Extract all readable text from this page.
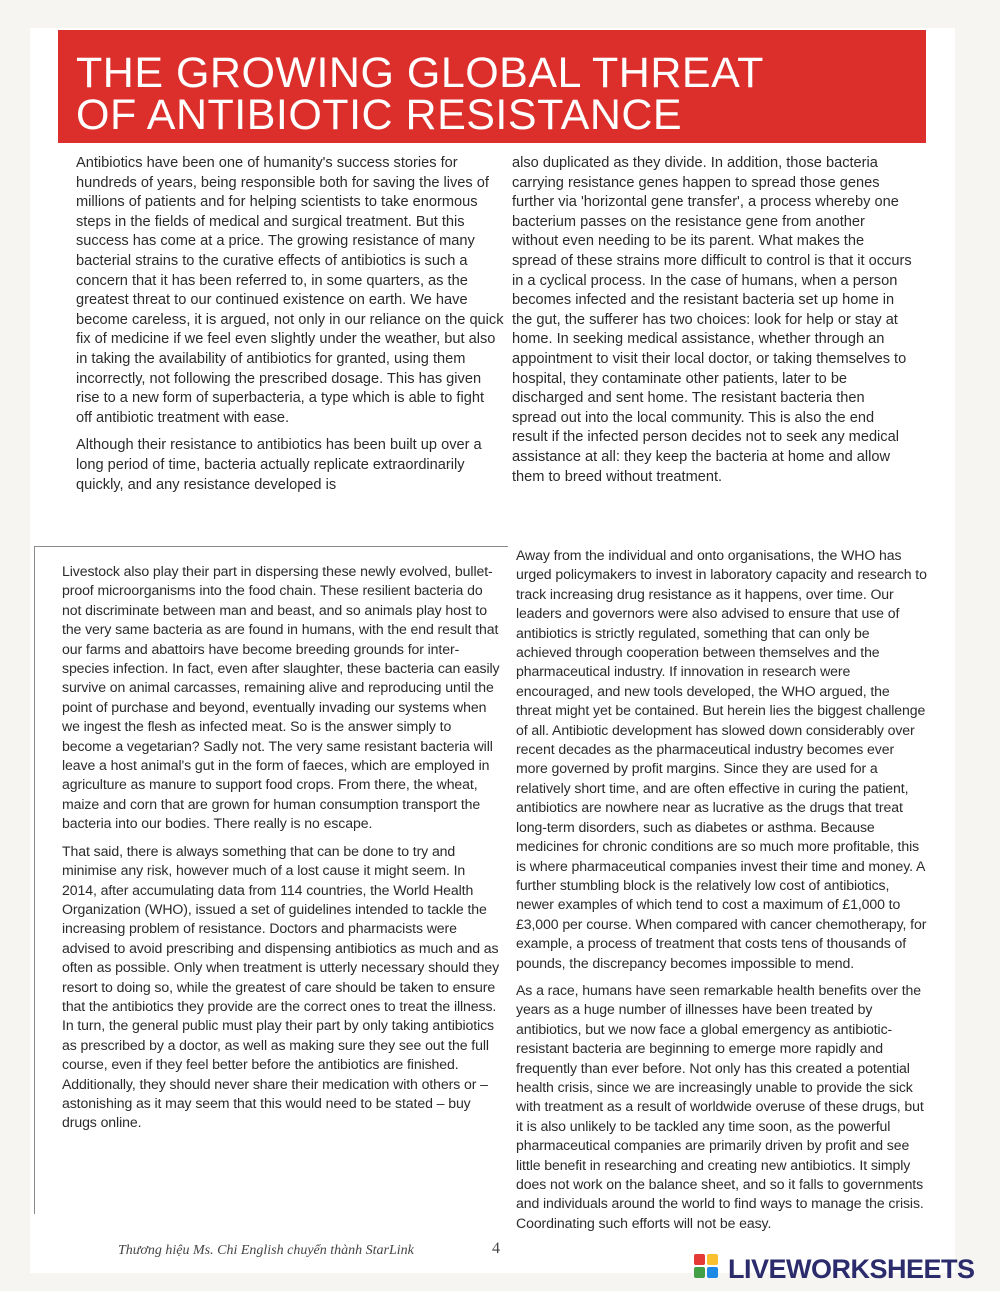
THE GROWING GLOBAL THREAT
OF ANTIBIOTIC RESISTANCE

Antibiotics have been one of humanity's success stories for hundreds of years, being responsible both for saving the lives of millions of patients and for helping scientists to take enormous steps in the fields of medical and surgical treatment. But this success has come at a price. The growing resistance of many bacterial strains to the curative effects of antibiotics is such a concern that it has been referred to, in some quarters, as the greatest threat to our continued existence on earth. We have become careless, it is argued, not only in our reliance on the quick fix of medicine if we feel even slightly under the weather, but also in taking the availability of antibiotics for granted, using them incorrectly, not following the prescribed dosage. This has given rise to a new form of superbacteria, a type which is able to fight off antibiotic treatment with ease.

Although their resistance to antibiotics has been built up over a long period of time, bacteria actually replicate extraordinarily quickly, and any resistance developed is

also duplicated as they divide. In addition, those bacteria carrying resistance genes happen to spread those genes further via 'horizontal gene transfer', a process whereby one bacterium passes on the resistance gene from another without even needing to be its parent. What makes the spread of these strains more difficult to control is that it occurs in a cyclical process. In the case of humans, when a person becomes infected and the resistant bacteria set up home in the gut, the sufferer has two choices: look for help or stay at home. In seeking medical assistance, whether through an appointment to visit their local doctor, or taking themselves to hospital, they contaminate other patients, later to be discharged and sent home. The resistant bacteria then spread out into the local community. This is also the end result if the infected person decides not to seek any medical assistance at all: they keep the bacteria at home and allow them to breed without treatment.

Livestock also play their part in dispersing these newly evolved, bullet-proof microorganisms into the food chain. These resilient bacteria do not discriminate between man and beast, and so animals play host to the very same bacteria as are found in humans, with the end result that our farms and abattoirs have become breeding grounds for inter-species infection. In fact, even after slaughter, these bacteria can easily survive on animal carcasses, remaining alive and reproducing until the point of purchase and beyond, eventually invading our systems when we ingest the flesh as infected meat. So is the answer simply to become a vegetarian? Sadly not. The very same resistant bacteria will leave a host animal's gut in the form of faeces, which are employed in agriculture as manure to support food crops. From there, the wheat, maize and corn that are grown for human consumption transport the bacteria into our bodies. There really is no escape.

That said, there is always something that can be done to try and minimise any risk, however much of a lost cause it might seem. In 2014, after accumulating data from 114 countries, the World Health Organization (WHO), issued a set of guidelines intended to tackle the increasing problem of resistance. Doctors and pharmacists were advised to avoid prescribing and dispensing antibiotics as much and as often as possible. Only when treatment is utterly necessary should they resort to doing so, while the greatest of care should be taken to ensure that the antibiotics they provide are the correct ones to treat the illness. In turn, the general public must play their part by only taking antibiotics as prescribed by a doctor, as well as making sure they see out the full course, even if they feel better before the antibiotics are finished. Additionally, they should never share their medication with others or – astonishing as it may seem that this would need to be stated – buy drugs online.

Away from the individual and onto organisations, the WHO has urged policymakers to invest in laboratory capacity and research to track increasing drug resistance as it happens, over time. Our leaders and governors were also advised to ensure that use of antibiotics is strictly regulated, something that can only be achieved through cooperation between themselves and the pharmaceutical industry. If innovation in research were encouraged, and new tools developed, the WHO argued, the threat might yet be contained. But herein lies the biggest challenge of all. Antibiotic development has slowed down considerably over recent decades as the pharmaceutical industry becomes ever more governed by profit margins. Since they are used for a relatively short time, and are often effective in curing the patient, antibiotics are nowhere near as lucrative as the drugs that treat long-term disorders, such as diabetes or asthma. Because medicines for chronic conditions are so much more profitable, this is where pharmaceutical companies invest their time and money. A further stumbling block is the relatively low cost of antibiotics, newer examples of which tend to cost a maximum of £1,000 to £3,000 per course. When compared with cancer chemotherapy, for example, a process of treatment that costs tens of thousands of pounds, the discrepancy becomes impossible to mend.

As a race, humans have seen remarkable health benefits over the years as a huge number of illnesses have been treated by antibiotics, but we now face a global emergency as antibiotic-resistant bacteria are beginning to emerge more rapidly and frequently than ever before. Not only has this created a potential health crisis, since we are increasingly unable to provide the sick with treatment as a result of worldwide overuse of these drugs, but it is also unlikely to be tackled any time soon, as the powerful pharmaceutical companies are primarily driven by profit and see little benefit in researching and creating new antibiotics. It simply does not work on the balance sheet, and so it falls to governments and individuals around the world to find ways to manage the crisis. Coordinating such efforts will not be easy.

Thương hiệu Ms. Chi English chuyển thành StarLink	4
LIVEWORKSHEETS
